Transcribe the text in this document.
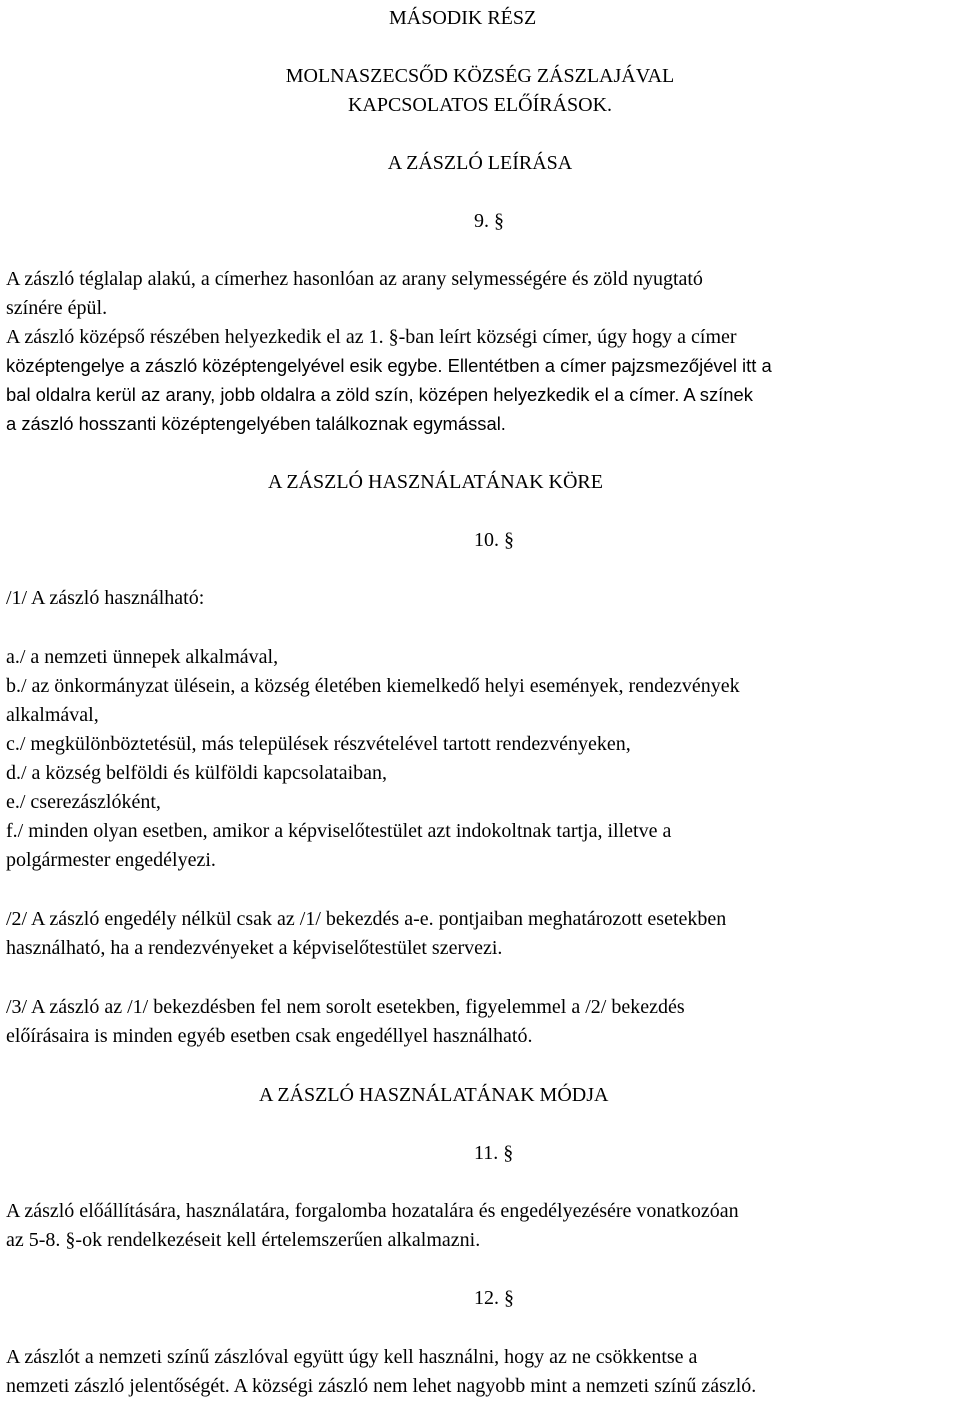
MÁSODIK RÉSZ
MOLNASZECSŐD KÖZSÉG ZÁSZLAJÁVAL
KAPCSOLATOS ELŐÍRÁSOK.
A ZÁSZLÓ LEÍRÁSA
9. §
A zászló téglalap alakú, a címerhez hasonlóan az arany selymességére és zöld nyugtató
színére épül.
A zászló középső részében helyezkedik el az 1. §-ban leírt községi címer, úgy hogy a címer
középtengelye a zászló középtengelyével esik egybe. Ellentétben a címer pajzsmezőjével itt a
bal oldalra kerül az arany, jobb oldalra a zöld szín, középen helyezkedik el a címer. A színek
a zászló hosszanti középtengelyében találkoznak egymással.
A ZÁSZLÓ HASZNÁLATÁNAK KÖRE
10. §
/1/ A zászló használható:
a./ a nemzeti ünnepek alkalmával,
b./ az önkormányzat ülésein, a község életében kiemelkedő helyi események, rendezvények
alkalmával,
c./ megkülönböztetésül, más települések részvételével tartott rendezvényeken,
d./ a község belföldi és külföldi kapcsolataiban,
e./ cserezászlóként,
f./ minden olyan esetben, amikor a képviselőtestület azt indokoltnak tartja, illetve a
polgármester engedélyezi.
/2/ A zászló engedély nélkül csak az /1/ bekezdés a-e. pontjaiban meghatározott esetekben
használható, ha a rendezvényeket a képviselőtestület szervezi.
/3/ A zászló az /1/ bekezdésben fel nem sorolt esetekben, figyelemmel a /2/ bekezdés
előírásaira is minden egyéb esetben csak engedéllyel használható.
A ZÁSZLÓ HASZNÁLATÁNAK MÓDJA
11. §
A zászló előállítására, használatára, forgalomba hozatalára és engedélyezésére vonatkozóan
az 5-8. §-ok rendelkezéseit kell értelemszerűen alkalmazni.
12. §
A zászlót a nemzeti színű zászlóval együtt úgy kell használni, hogy az ne csökkentse a
nemzeti zászló jelentőségét. A községi zászló nem lehet nagyobb mint a nemzeti színű zászló.
